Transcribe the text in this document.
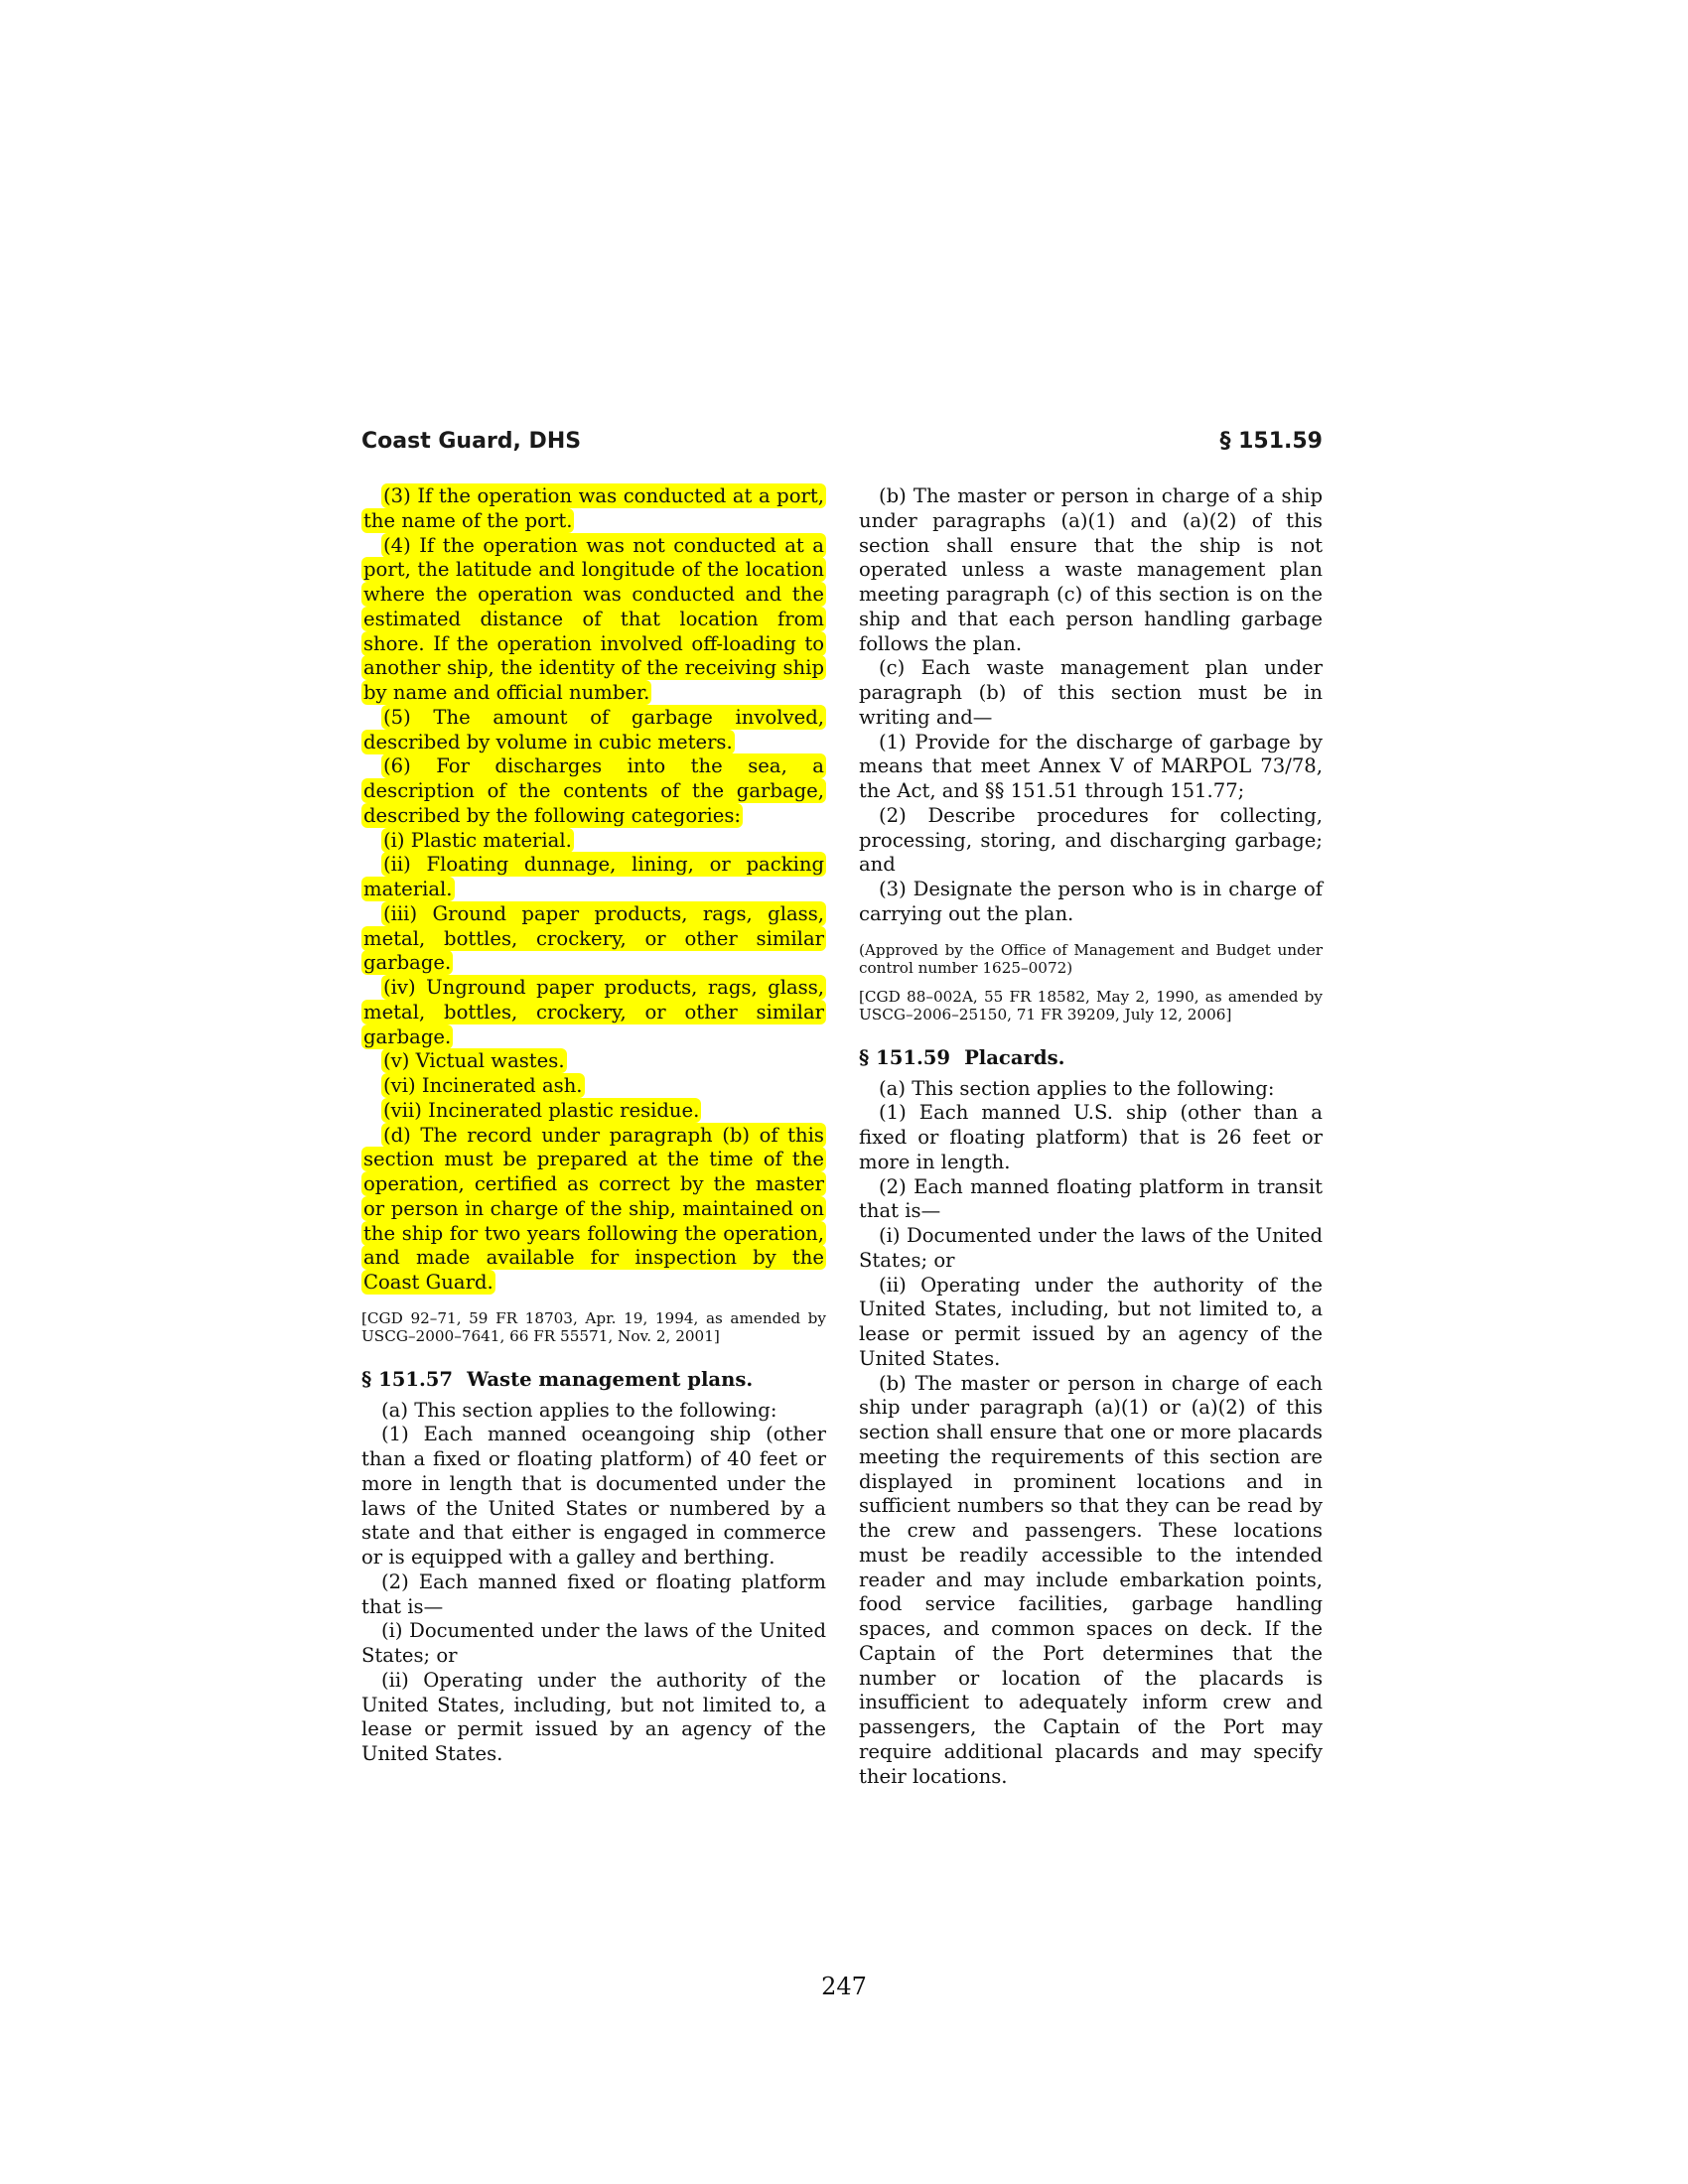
Coast Guard, DHS	§ 151.59

(3) If the operation was conducted at a port, the name of the port.

(4) If the operation was not conducted at a port, the latitude and longitude of the location where the operation was conducted and the estimated distance of that location from shore. If the operation involved off-loading to another ship, the identity of the receiving ship by name and official number.

(5) The amount of garbage involved, described by volume in cubic meters.

(6) For discharges into the sea, a description of the contents of the garbage, described by the following categories:

(i) Plastic material.

(ii) Floating dunnage, lining, or packing material.

(iii) Ground paper products, rags, glass, metal, bottles, crockery, or other similar garbage.

(iv) Unground paper products, rags, glass, metal, bottles, crockery, or other similar garbage.

(v) Victual wastes.

(vi) Incinerated ash.

(vii) Incinerated plastic residue.

(d) The record under paragraph (b) of this section must be prepared at the time of the operation, certified as correct by the master or person in charge of the ship, maintained on the ship for two years following the operation, and made available for inspection by the Coast Guard.

[CGD 92–71, 59 FR 18703, Apr. 19, 1994, as amended by USCG–2000–7641, 66 FR 55571, Nov. 2, 2001]

§ 151.57 Waste management plans.

(a) This section applies to the following:

(1) Each manned oceangoing ship (other than a fixed or floating platform) of 40 feet or more in length that is documented under the laws of the United States or numbered by a state and that either is engaged in commerce or is equipped with a galley and berthing.

(2) Each manned fixed or floating platform that is—

(i) Documented under the laws of the United States; or

(ii) Operating under the authority of the United States, including, but not limited to, a lease or permit issued by an agency of the United States.

(b) The master or person in charge of a ship under paragraphs (a)(1) and (a)(2) of this section shall ensure that the ship is not operated unless a waste management plan meeting paragraph (c) of this section is on the ship and that each person handling garbage follows the plan.

(c) Each waste management plan under paragraph (b) of this section must be in writing and—

(1) Provide for the discharge of garbage by means that meet Annex V of MARPOL 73/78, the Act, and §§ 151.51 through 151.77;

(2) Describe procedures for collecting, processing, storing, and discharging garbage; and

(3) Designate the person who is in charge of carrying out the plan.

(Approved by the Office of Management and Budget under control number 1625–0072)

[CGD 88–002A, 55 FR 18582, May 2, 1990, as amended by USCG–2006–25150, 71 FR 39209, July 12, 2006]

§ 151.59 Placards.

(a) This section applies to the following:

(1) Each manned U.S. ship (other than a fixed or floating platform) that is 26 feet or more in length.

(2) Each manned floating platform in transit that is—

(i) Documented under the laws of the United States; or

(ii) Operating under the authority of the United States, including, but not limited to, a lease or permit issued by an agency of the United States.

(b) The master or person in charge of each ship under paragraph (a)(1) or (a)(2) of this section shall ensure that one or more placards meeting the requirements of this section are displayed in prominent locations and in sufficient numbers so that they can be read by the crew and passengers. These locations must be readily accessible to the intended reader and may include embarkation points, food service facilities, garbage handling spaces, and common spaces on deck. If the Captain of the Port determines that the number or location of the placards is insufficient to adequately inform crew and passengers, the Captain of the Port may require additional placards and may specify their locations.

247
